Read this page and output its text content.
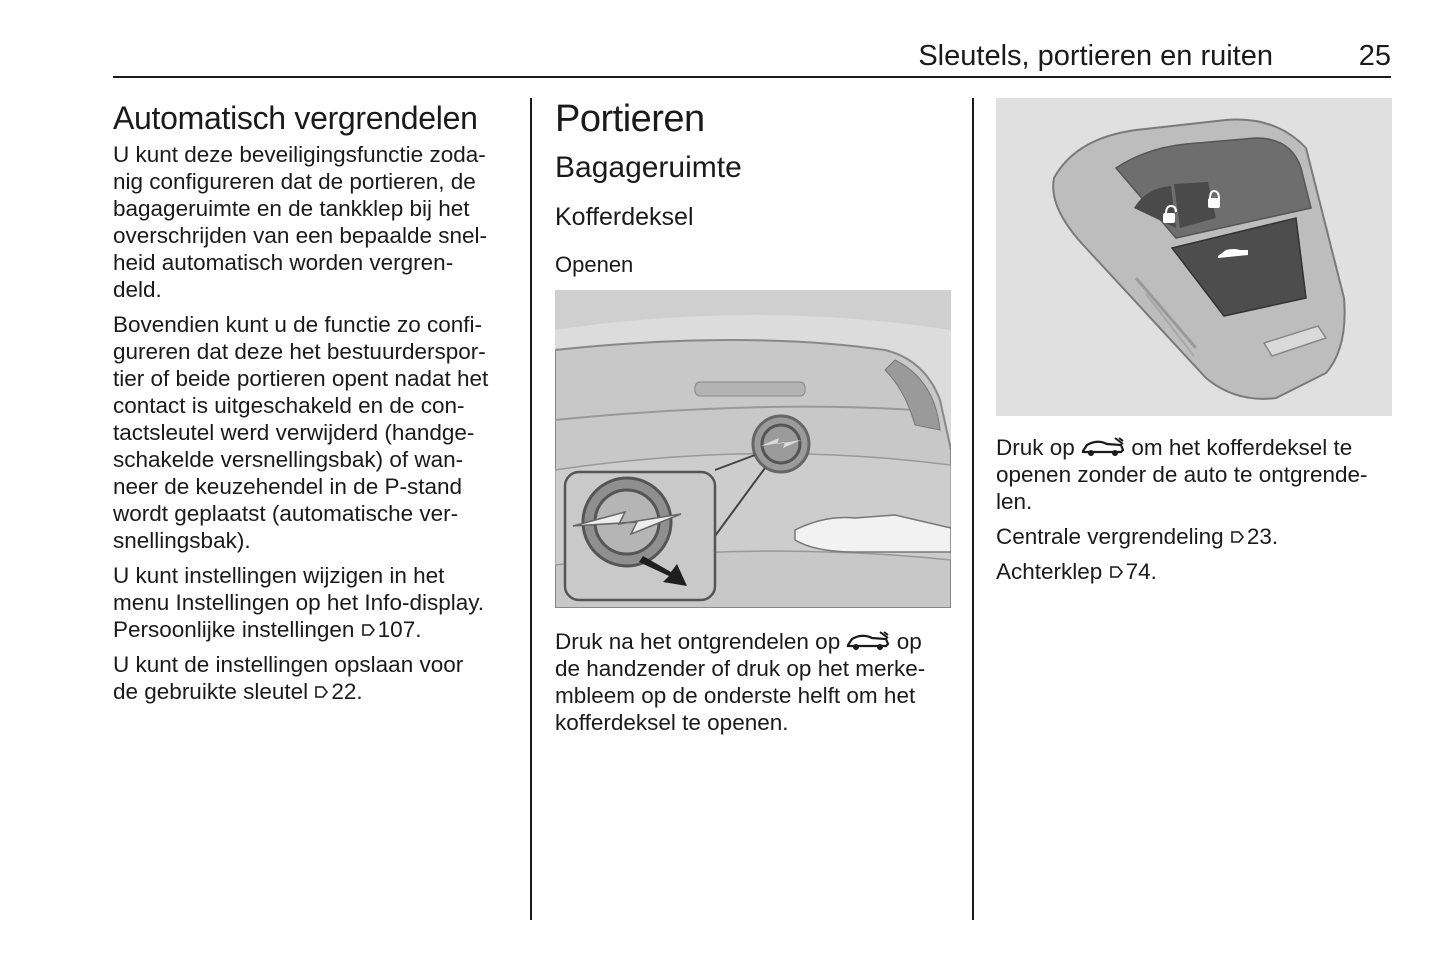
Sleutels, portieren en ruiten	25
Automatisch vergrendelen

U kunt deze beveiligingsfunctie zoda-
nig configureren dat de portieren, de
bagageruimte en de tankklep bij het
overschrijden van een bepaalde snel-
heid automatisch worden vergren-
deld.

Bovendien kunt u de functie zo confi-
gureren dat deze het bestuurderspor-
tier of beide portieren opent nadat het
contact is uitgeschakeld en de con-
tactsleutel werd verwijderd (handge-
schakelde versnellingsbak) of wan-
neer de keuzehendel in de P-stand
wordt geplaatst (automatische ver-
snellingsbak).

U kunt instellingen wijzigen in het
menu Instellingen op het Info-display.
Persoonlijke instellingen 107.

U kunt de instellingen opslaan voor
de gebruikte sleutel 22.

Portieren
Bagageruimte
Kofferdeksel
Openen

Druk na het ontgrendelen op	op
de handzender of druk op het merke-
mbleem op de onderste helft om het
kofferdeksel te openen.

Druk op	om het kofferdeksel te
openen zonder de auto te ontgrende-
len.

Centrale vergrendeling 23.

Achterklep 74.
